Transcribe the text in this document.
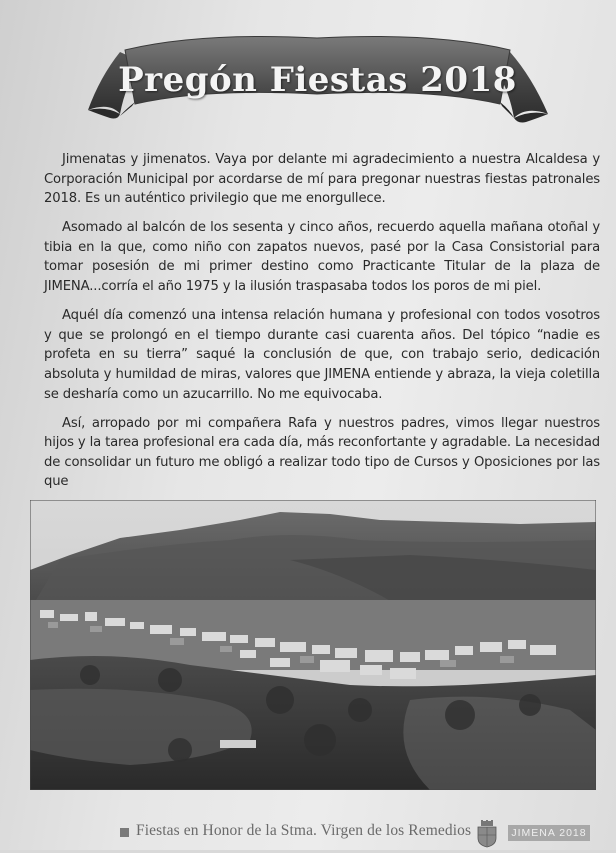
Pregón Fiestas 2018

Jimenatas y jimenatos. Vaya por delante mi agradecimiento a nuestra Alcaldesa y Corporación Municipal por acordarse de mí para pregonar nuestras fiestas patronales 2018. Es un auténtico privilegio que me enorgullece.

Asomado al balcón de los sesenta y cinco años, recuerdo aquella mañana otoñal y tibia en la que, como niño con zapatos nuevos, pasé por la Casa Consistorial para tomar posesión de mi primer destino como Practicante Titular de la plaza de JIMENA...corría el año 1975 y la ilusión traspasaba todos los poros de mi piel.

Aquél día comenzó una intensa relación humana y profesional con todos vosotros y que se prolongó en el tiempo durante casi cuarenta años. Del tópico “nadie es profeta en su tierra” saqué la conclusión de que, con trabajo serio, dedicación absoluta y humildad de miras, valores que JIMENA entiende y abraza, la vieja coletilla se desharía como un azucarrillo. No me equivocaba.

Así, arropado por mi compañera Rafa y nuestros padres, vimos llegar nuestros hijos y la tarea profesional era cada día, más reconfortante y agradable. La necesidad de consolidar un futuro me obligó a realizar todo tipo de Cursos y Oposiciones por las que

Fiestas en Honor de la Stma. Virgen de los Remedios	JIMENA 2018
